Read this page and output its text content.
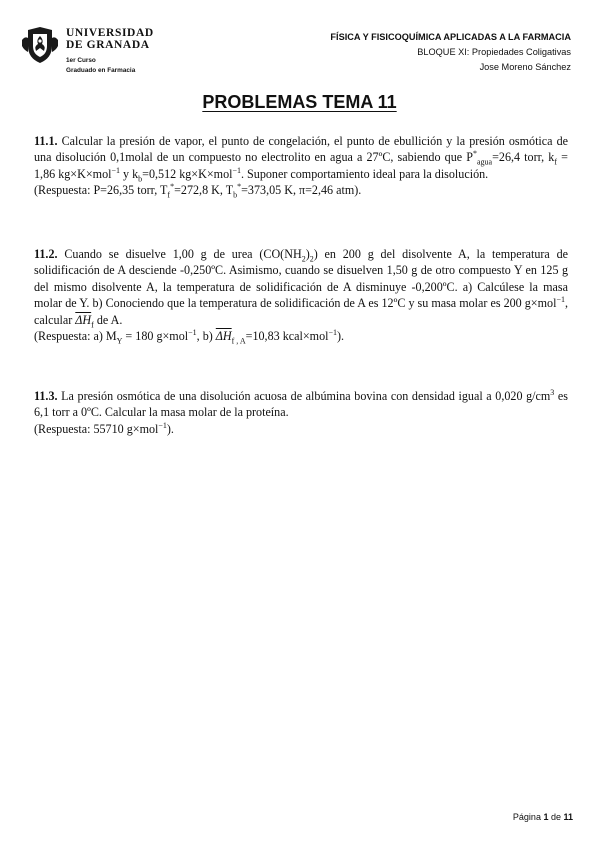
UNIVERSIDAD
DE GRANADA
1er Curso
Graduado en Farmacia
FÍSICA Y FISICOQUÍMICA APLICADAS A LA FARMACIA
BLOQUE XI: Propiedades Coligativas
Jose Moreno Sánchez
PROBLEMAS TEMA 11

11.1. Calcular la presión de vapor, el punto de congelación, el punto de ebullición y la presión osmótica de una disolución 0,1molal de un compuesto no electrolito en agua a 27ºC, sabiendo que $P^*_{agua}=26,4$ torr, $k_f = 1,86$ kg×K×mol$^{-1}$ y $k_b=0,512$ kg×K×mol$^{-1}$. Suponer comportamiento ideal para la disolución.

(Respuesta: P=26,35 torr, $T_f^*=272,8$ K, $T_b^*=373,05$ K, π=2,46 atm).

11.2. Cuando se disuelve 1,00 g de urea $(CO(NH_2)_2)$ en 200 g del disolvente A, la temperatura de solidificación de A desciende -0,250ºC. Asimismo, cuando se disuelven 1,50 g de otro compuesto Y en 125 g del mismo disolvente A, la temperatura de solidificación de A disminuye -0,200ºC. a) Calcúlese la masa molar de Y. b) Conociendo que la temperatura de solidificación de A es 12ºC y su masa molar es 200 g×mol$^{-1}$, calcular $\overline{\Delta H}_f$ de A.

(Respuesta: a) $M_Y = 180$ g×mol$^{-1}$, b) $\overline{\Delta H}_{f , A}=10,83$ kcal×mol$^{-1}$).

11.3. La presión osmótica de una disolución acuosa de albúmina bovina con densidad igual a 0,020 $g/cm^3$ es 6,1 torr a 0ºC. Calcular la masa molar de la proteína.

(Respuesta: 55710 g×mol$^{-1}$).

Página 1 de 11
